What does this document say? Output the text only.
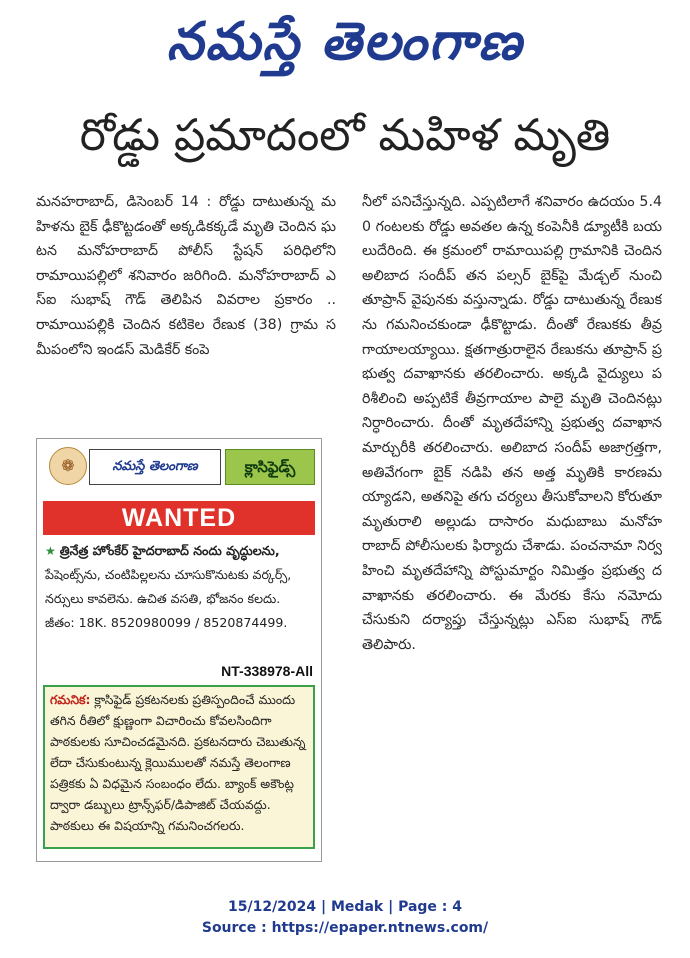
నమస్తే తెలంగాణ
రోడ్డు ప్రమాదంలో మహిళ మృతి
మనహరాబాద్, డిసెంబర్ 14 : రోడ్డు దాటుతున్న మహిళను బైక్ ఢీకొట్టడంతో అక్కడికక్కడే మృతి చెందిన ఘటన మనోహరాబాద్ పోలీస్ స్టేషన్ పరిధిలోని రామాయిపల్లిలో శనివారం జరిగింది. మనోహరాబాద్ ఎస్ఐ సుభాష్ గౌడ్ తెలిపిన వివరాల ప్రకారం .. రామాయిపల్లికి చెందిన కటికెల రేణుక (38) గ్రామ సమీపంలోని ఇండస్ మెడికేర్ కంపె
నీలో పనిచేస్తున్నది. ఎప్పటిలాగే శనివారం ఉదయం 5.40 గంటలకు రోడ్డు అవతల ఉన్న కంపెనీకి డ్యూటీకి బయలుదేరింది. ఈ క్రమంలో రామాయిపల్లి గ్రామానికి చెందిన అలిబాద సందీప్ తన పల్సర్ బైక్‌పై మేడ్చల్ నుంచి తూప్రాన్ వైపునకు వస్తున్నాడు. రోడ్డు దాటుతున్న రేణుకను గమనించకుండా ఢీకొట్టాడు. దీంతో రేణుకకు తీవ్ర గాయాలయ్యాయి. క్షతగాత్రురాలైన రేణుకను తూప్రాన్ ప్రభుత్వ దవాఖానకు తరలించారు. అక్కడి వైద్యులు పరిశీలించి అప్పటికే తీవ్రగాయాల పాలై మృతి చెందినట్లు నిర్ధారించారు. దీంతో మృతదేహాన్ని ప్రభుత్వ దవాఖాన మార్చురీకి తరలించారు. అలిబాద సందీప్ అజాగ్రత్తగా, అతివేగంగా బైక్ నడిపి తన అత్త మృతికి కారణమయ్యాడని, అతనిపై తగు చర్యలు తీసుకోవాలని కోరుతూ మృతురాలి అల్లుడు దాసారం మధుబాబు మనోహరాబాద్ పోలీసులకు ఫిర్యాదు చేశాడు. పంచనామా నిర్వహించి మృతదేహాన్ని పోస్టుమార్టం నిమిత్తం ప్రభుత్వ దవాఖానకు తరలించారు. ఈ మేరకు కేసు నమోదు చేసుకుని దర్యాప్తు చేస్తున్నట్లు ఎస్ఐ సుభాష్ గౌడ్ తెలిపారు.
❁	నమస్తే తెలంగాణ	క్లాసిఫైడ్స్
WANTED
★ త్రినేత్ర హోంకేర్ హైదరాబాద్ నందు వృద్ధులను,
పేషెంట్స్‌ను, చంటిపిల్లలను చూసుకొనుటకు వర్కర్స్, నర్సులు కావలెను. ఉచిత వసతి, భోజనం కలదు.
జీతం: 18K. 8520980099 / 8520874499.
NT-338978-All
గమనిక: క్లాసిఫైడ్ ప్రకటనలకు ప్రతిస్పందించే ముందు తగిన రీతిలో క్షుణ్ణంగా విచారించు కోవలసిందిగా పాఠకులకు సూచించడమైనది. ప్రకటనదారు చెబుతున్న లేదా చేసుకుంటున్న క్లెయిములతో నమస్తే తెలంగాణ పత్రికకు ఏ విధమైన సంబంధం లేదు. బ్యాంక్ అకౌంట్ల ద్వారా డబ్బులు ట్రాన్స్‌ఫర్/డిపాజిట్ చేయవద్దు. పాఠకులు ఈ విషయాన్ని గమనించగలరు.
15/12/2024 | Medak | Page : 4
Source : https://epaper.ntnews.com/
